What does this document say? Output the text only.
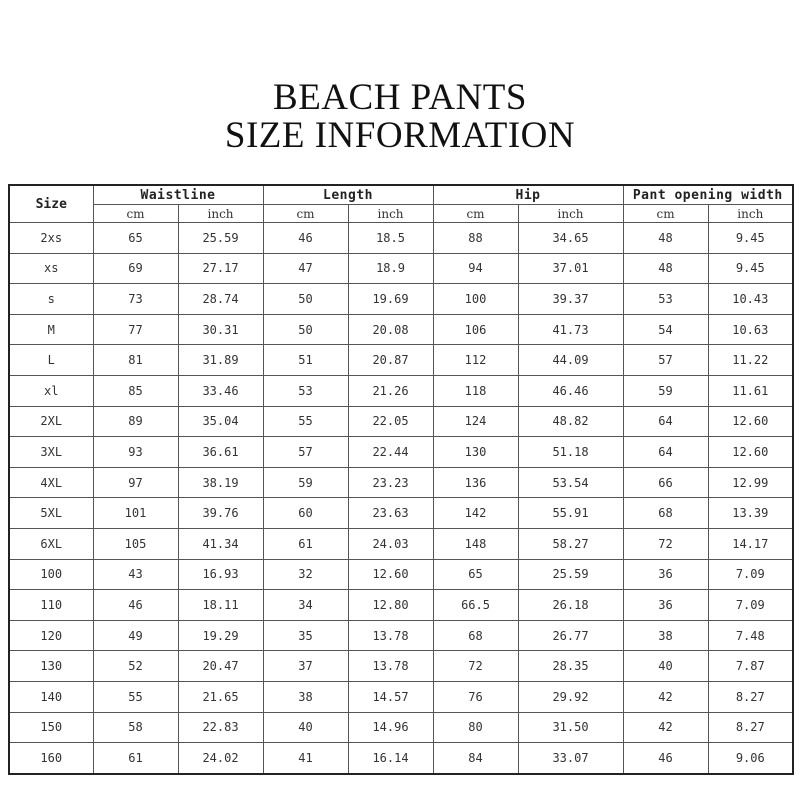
BEACH PANTS
SIZE INFORMATION
Size	Waistline		Length		Hip		Pant opening width	
	cm	inch	cm	inch	cm	inch	cm	inch
2xs	65	25.59	46	18.5	88	34.65	48	9.45
xs	69	27.17	47	18.9	94	37.01	48	9.45
s	73	28.74	50	19.69	100	39.37	53	10.43
M	77	30.31	50	20.08	106	41.73	54	10.63
L	81	31.89	51	20.87	112	44.09	57	11.22
xl	85	33.46	53	21.26	118	46.46	59	11.61
2XL	89	35.04	55	22.05	124	48.82	64	12.60
3XL	93	36.61	57	22.44	130	51.18	64	12.60
4XL	97	38.19	59	23.23	136	53.54	66	12.99
5XL	101	39.76	60	23.63	142	55.91	68	13.39
6XL	105	41.34	61	24.03	148	58.27	72	14.17
100	43	16.93	32	12.60	65	25.59	36	7.09
110	46	18.11	34	12.80	66.5	26.18	36	7.09
120	49	19.29	35	13.78	68	26.77	38	7.48
130	52	20.47	37	13.78	72	28.35	40	7.87
140	55	21.65	38	14.57	76	29.92	42	8.27
150	58	22.83	40	14.96	80	31.50	42	8.27
160	61	24.02	41	16.14	84	33.07	46	9.06
